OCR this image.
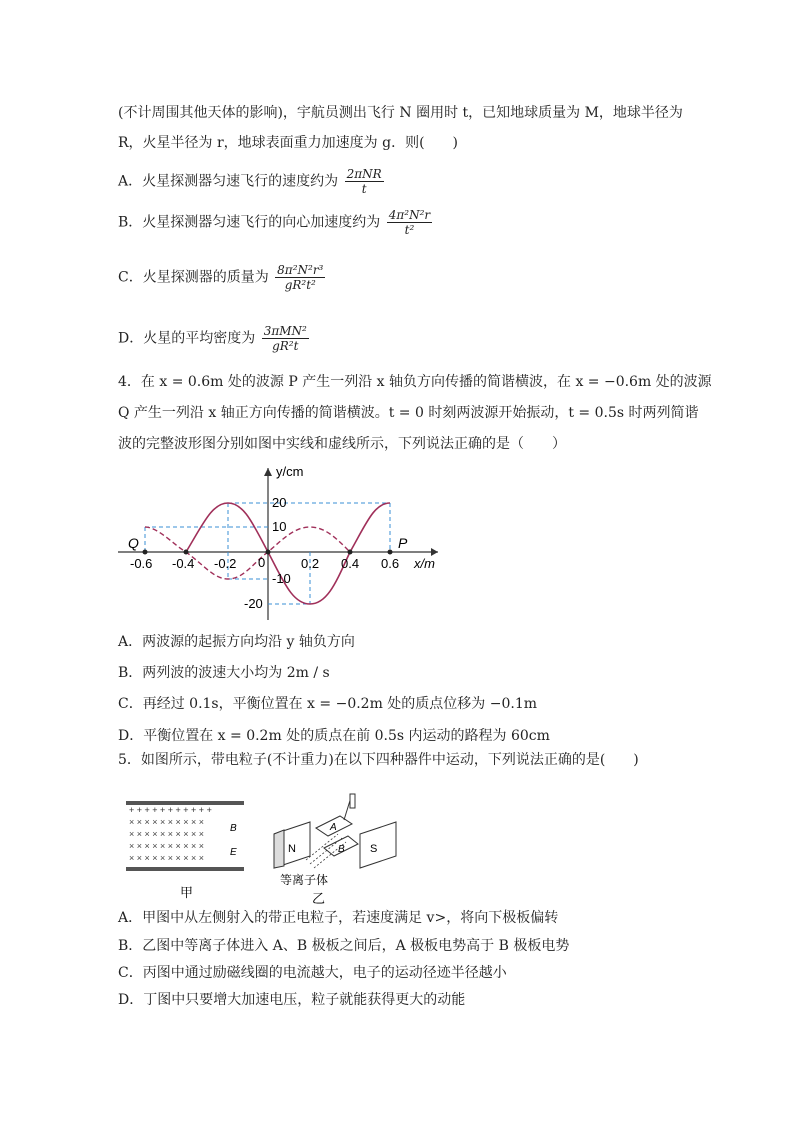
(不计周围其他天体的影响)，宇航员测出飞行 N 圈用时 t，已知地球质量为 M，地球半径为
R，火星半径为 r，地球表面重力加速度为 g．则(　　)
A．火星探测器匀速飞行的速度约为 $\frac{\text{2πNR}}{t}$
B．火星探测器匀速飞行的向心加速度约为 $\frac{\text{4π²N²r}}{\text{t²}}$
C．火星探测器的质量为 $\frac{\text{8π²N²r³}}{\text{gR²t²}}$
D．火星的平均密度为 $\frac{\text{3πMN²}}{\text{gR²t}}$
4．在 x = 0.6m 处的波源 P 产生一列沿 x 轴负方向传播的简谐横波，在 x = −0.6m 处的波源
Q 产生一列沿 x 轴正方向传播的简谐横波。t = 0 时刻两波源开始振动，t = 0.5s 时两列简谐
波的完整波形图分别如图中实线和虚线所示，下列说法正确的是（　　）
y/cm
x/m
Q	P
0
-0.6 -0.4 -0.2	0.2 0.4 0.6
20
10
-10
-20
A．两波源的起振方向均沿 y 轴负方向
B．两列波的波速大小均为 2m / s
C．再经过 0.1s，平衡位置在 x = −0.2m 处的质点位移为 −0.1m
D．平衡位置在 x = 0.2m 处的质点在前 0.5s 内运动的路程为 60cm
5．如图所示，带电粒子(不计重力)在以下四种器件中运动，下列说法正确的是(　　)
+ + + + + + + + + + +
× × × × × × × × × ×
× × × × × × × × × ×
× × × × × × × × × ×
× × × × × × × × × ×
B
E
甲
N	S
A
B
等离子体
乙
A．甲图中从左侧射入的带正电粒子，若速度满足 v>，将向下极板偏转
B．乙图中等离子体进入 A、B 极板之间后，A 极板电势高于 B 极板电势
C．丙图中通过励磁线圈的电流越大，电子的运动径迹半径越小
D．丁图中只要增大加速电压，粒子就能获得更大的动能
